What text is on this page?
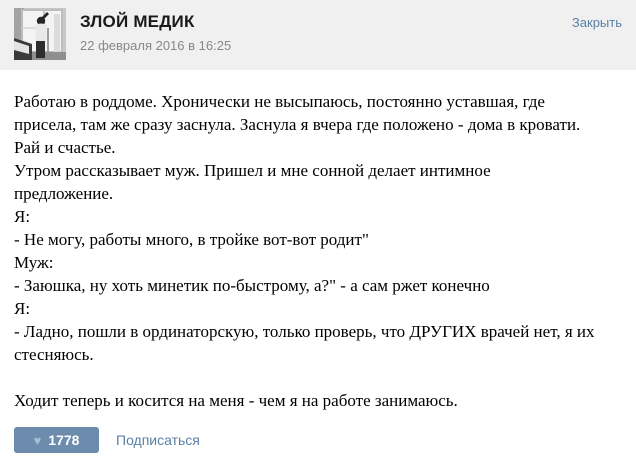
ЗЛОЙ МЕДИК
22 февраля 2016 в 16:25
Закрыть
Работаю в роддоме. Хронически не высыпаюсь, постоянно уставшая, где
присела, там же сразу заснула. Заснула я вчера где положено - дома в кровати.
Рай и счастье.
Утром рассказывает муж. Пришел и мне сонной делает интимное
предложение.
Я:
- Не могу, работы много, в тройке вот-вот родит"
Муж:
- Заюшка, ну хоть минетик по-быстрому, а?" - а сам ржет конечно
Я:
- Ладно, пошли в ординаторскую, только проверь, что ДРУГИХ врачей нет, я их
стесняюсь.

Ходит теперь и косится на меня - чем я на работе занимаюсь.
♥ 1778	Подписаться
